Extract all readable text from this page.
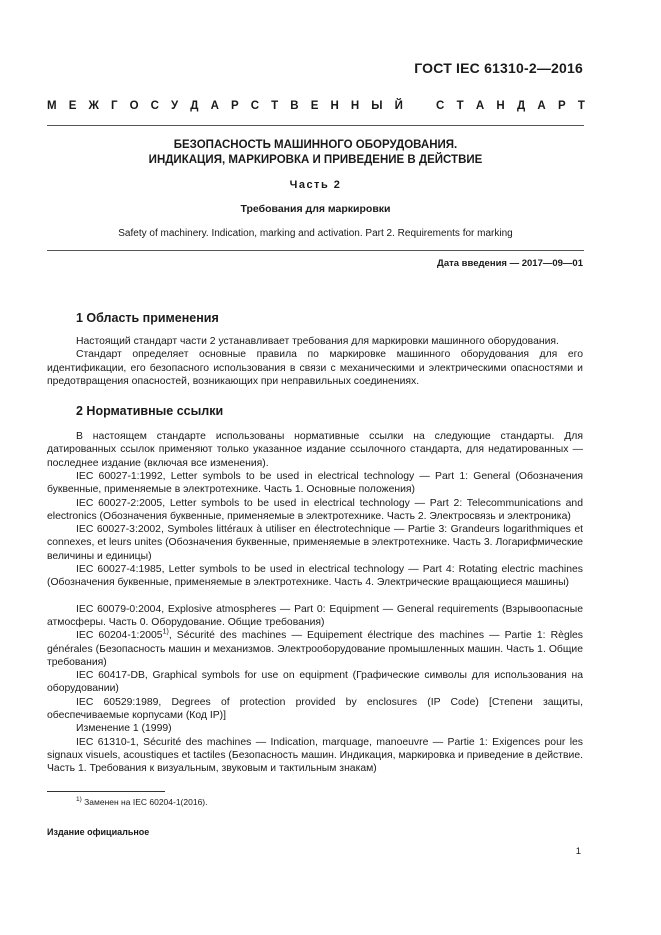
ГОСТ IEC 61310-2—2016
М Е Ж Г О С У Д А Р С Т В Е Н Н Ы Й	С Т А Н Д А Р Т
БЕЗОПАСНОСТЬ МАШИННОГО ОБОРУДОВАНИЯ.
ИНДИКАЦИЯ, МАРКИРОВКА И ПРИВЕДЕНИЕ В ДЕЙСТВИЕ
Часть 2
Требования для маркировки
Safety of machinery. Indication, marking and activation. Part 2. Requirements for marking
Дата введения — 2017—09—01
1 Область применения
Настоящий стандарт части 2 устанавливает требования для маркировки машинного оборудования.
Стандарт определяет основные правила по маркировке машинного оборудования для его идентификации, его безопасного использования в связи с механическими и электрическими опасностями и предотвращения опасностей, возникающих при неправильных соединениях.
2 Нормативные ссылки
В настоящем стандарте использованы нормативные ссылки на следующие стандарты. Для датированных ссылок применяют только указанное издание ссылочного стандарта, для недатированных — последнее издание (включая все изменения).
IEC 60027-1:1992, Letter symbols to be used in electrical technology — Part 1: General (Обозначения буквенные, применяемые в электротехнике. Часть 1. Основные положения)
IEC 60027-2:2005, Letter symbols to be used in electrical technology — Part 2: Telecommunications and electronics (Обозначения буквенные, применяемые в электротехнике. Часть 2. Электросвязь и электроника)
IEC 60027-3:2002, Symboles littéraux à utiliser en électrotechnique — Partie 3: Grandeurs logarithmiques et connexes, et leurs unites (Обозначения буквенные, применяемые в электротехнике. Часть 3. Логарифмические величины и единицы)
IEC 60027-4:1985, Letter symbols to be used in electrical technology — Part 4: Rotating electric machines (Обозначения буквенные, применяемые в электротехнике. Часть 4. Электрические вращающиеся машины)
IEC 60079-0:2004, Explosive atmospheres — Part 0: Equipment — General requirements (Взрывоопасные атмосферы. Часть 0. Оборудование. Общие требования)
IEC 60204-1:2005$^{1)}$, Sécurité des machines — Equipement électrique des machines — Partie 1: Règles générales (Безопасность машин и механизмов. Электрооборудование промышленных машин. Часть 1. Общие требования)
IEC 60417-DB, Graphical symbols for use on equipment (Графические символы для использования на оборудовании)
IEC 60529:1989, Degrees of protection provided by enclosures (IP Code) [Степени защиты, обеспечиваемые корпусами (Код IP)]
Изменение 1 (1999)
IEC 61310-1, Sécurité des machines — Indication, marquage, manoeuvre — Partie 1: Exigences pour les signaux visuels, acoustiques et tactiles (Безопасность машин. Индикация, маркировка и приведение в действие. Часть 1. Требования к визуальным, звуковым и тактильным знакам)
$^{1)}$ Заменен на IEC 60204-1(2016).
Издание официальное
1
